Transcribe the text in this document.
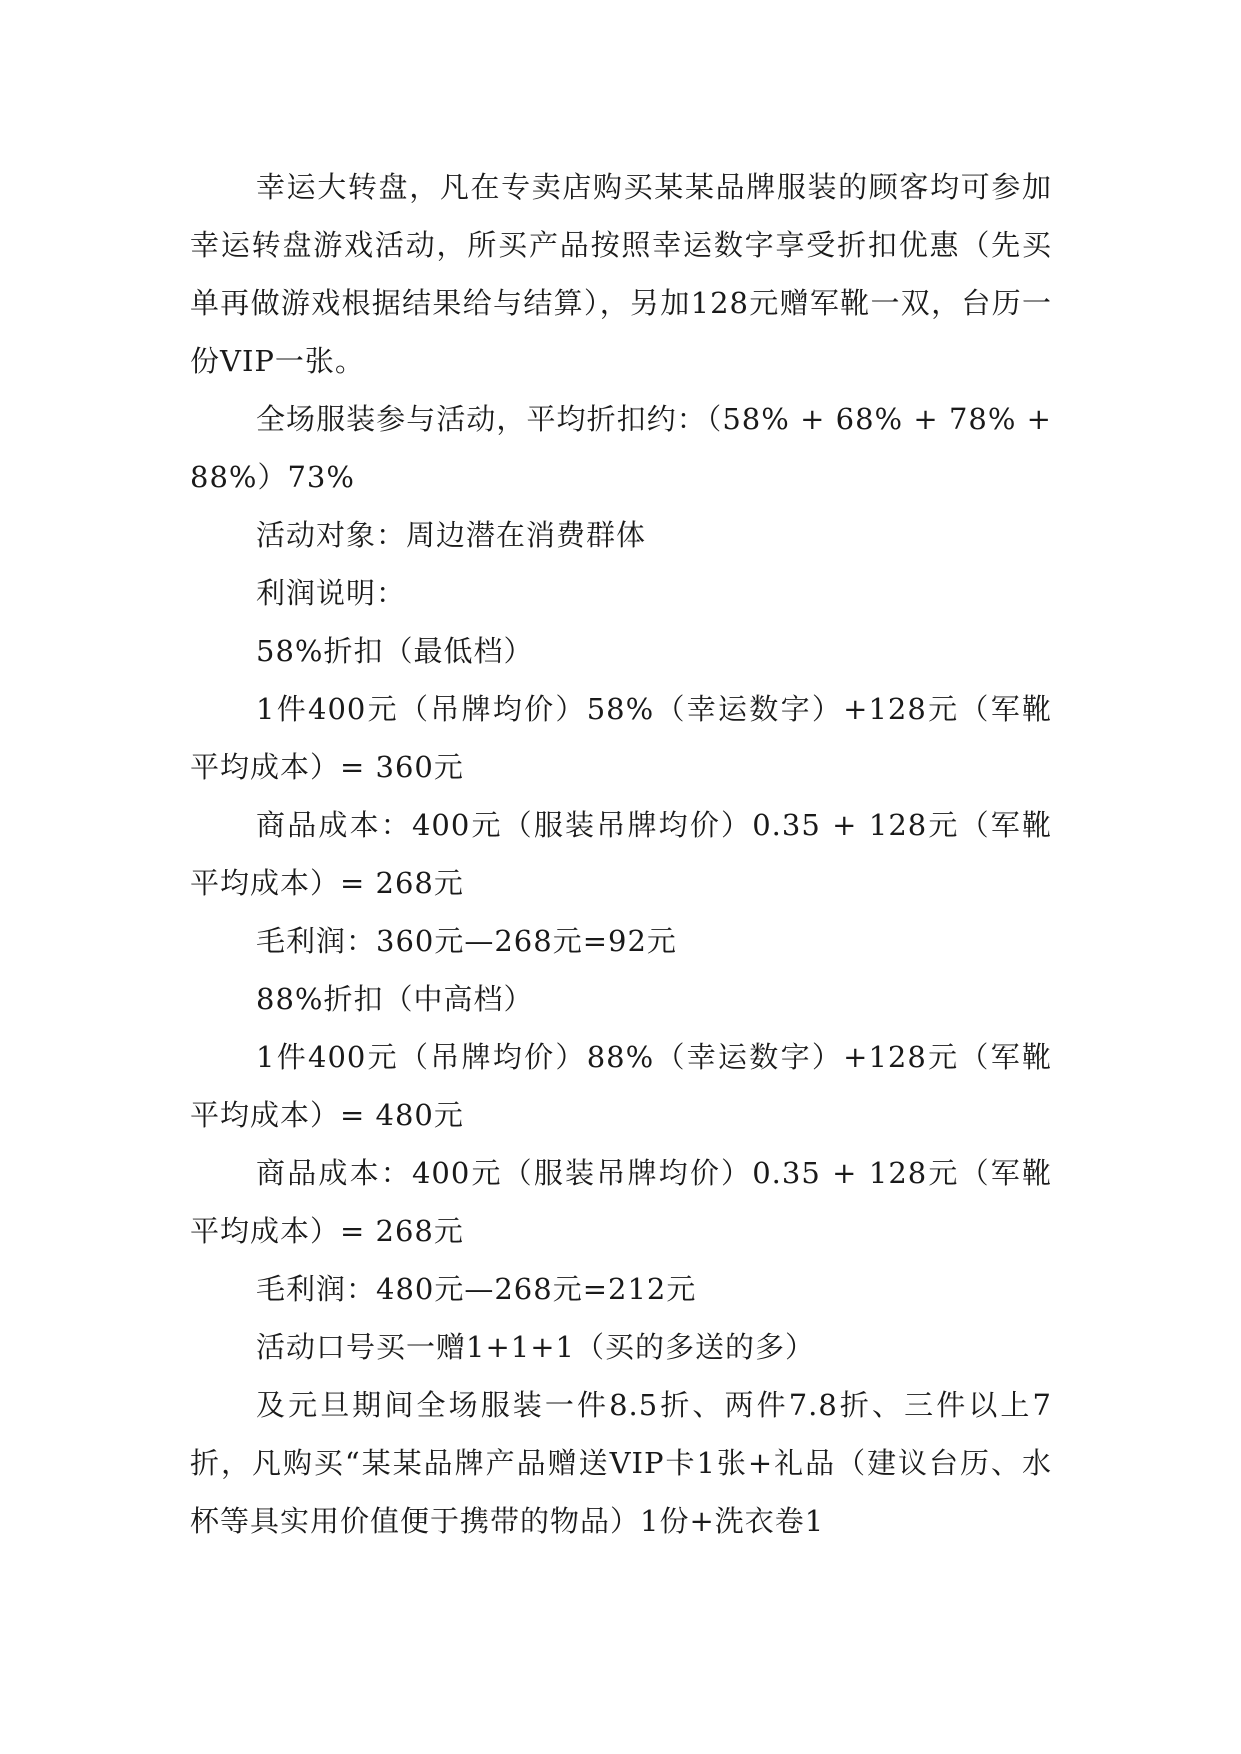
幸运大转盘，凡在专卖店购买某某品牌服装的顾客均可参加幸运转盘游戏活动，所买产品按照幸运数字享受折扣优惠（先买单再做游戏根据结果给与结算），另加128元赠军靴一双，台历一份VIP一张。

全场服装参与活动，平均折扣约：（58% + 68% + 78% + 88%）73%

活动对象：周边潜在消费群体

利润说明：

58%折扣（最低档）

1件400元（吊牌均价）58%（幸运数字）+128元（军靴平均成本）= 360元

商品成本：400元（服装吊牌均价）0.35 + 128元（军靴平均成本）= 268元

毛利润：360元—268元=92元

88%折扣（中高档）

1件400元（吊牌均价）88%（幸运数字）+128元（军靴平均成本）= 480元

商品成本：400元（服装吊牌均价）0.35 + 128元（军靴平均成本）= 268元

毛利润：480元—268元=212元

活动口号买一赠1+1+1（买的多送的多）

及元旦期间全场服装一件8.5折、两件7.8折、三件以上7折，凡购买“某某品牌产品赠送VIP卡1张+礼品（建议台历、水杯等具实用价值便于携带的物品）1份+洗衣卷1
